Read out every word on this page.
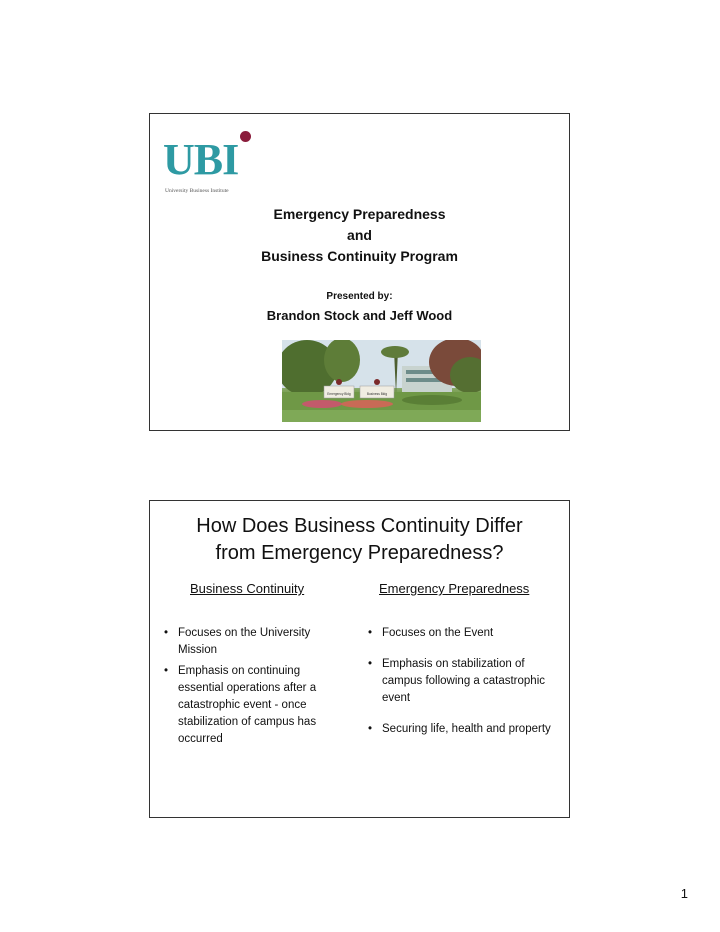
UBI
University Business Institute
Emergency Preparedness
and
Business Continuity Program
Presented by:
Brandon Stock and Jeff Wood
Emergency Bldg	Business Bldg
How Does Business Continuity Differ
from Emergency Preparedness?
Business Continuity	Emergency Preparedness
• Focuses on the University Mission
• Emphasis on continuing essential operations after a catastrophic event - once stabilization of campus has occurred
• Focuses on the Event
• Emphasis on stabilization of campus following a catastrophic event
• Securing life, health and property
1
